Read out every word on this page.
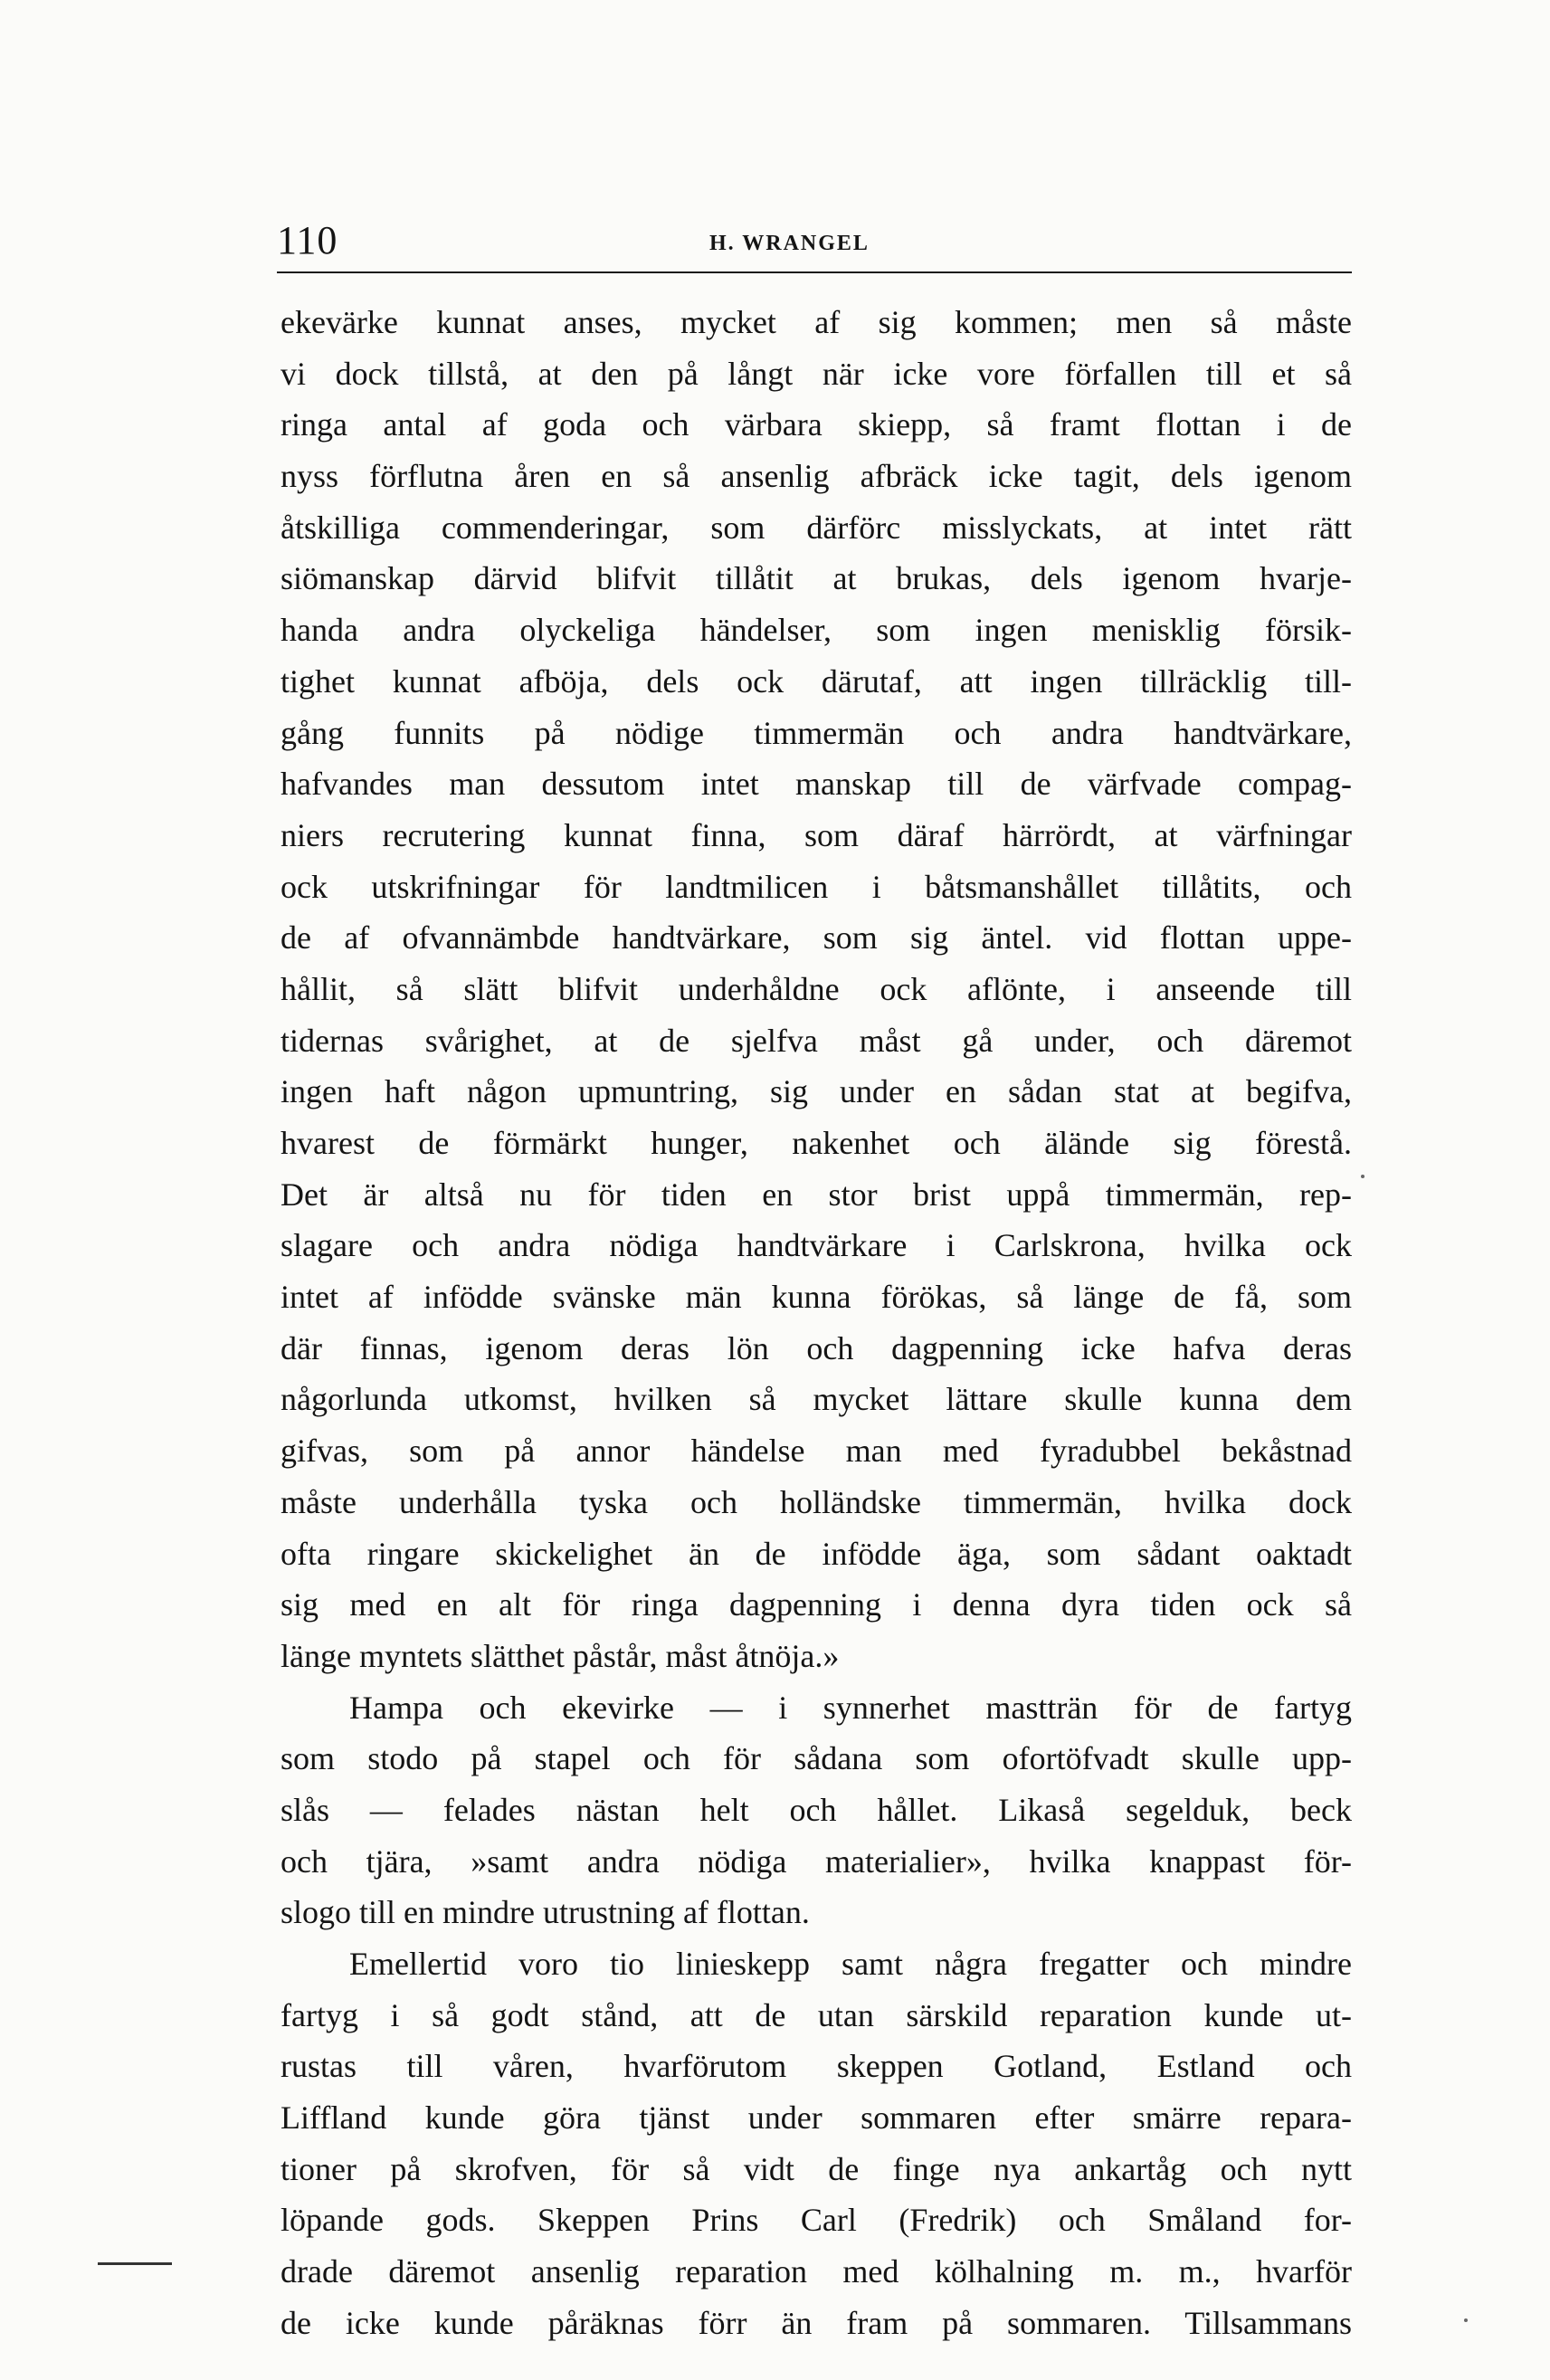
110	H. WRANGEL
ekevärke kunnat anses, mycket af sig kommen; men så måste
vi dock tillstå, at den på långt när icke vore förfallen till et så
ringa antal af goda och värbara skiepp, så framt flottan i de
nyss förflutna åren en så ansenlig afbräck icke tagit, dels igenom
åtskilliga commenderingar, som därförc misslyckats, at intet rätt
siömanskap därvid blifvit tillåtit at brukas, dels igenom hvarje-
handa andra olyckeliga händelser, som ingen menisklig försik-
tighet kunnat afböja, dels ock därutaf, att ingen tillräcklig till-
gång funnits på nödige timmermän och andra handtvärkare,
hafvandes man dessutom intet manskap till de värfvade compag-
niers recrutering kunnat finna, som däraf härrördt, at värfningar
ock utskrifningar för landtmilicen i båtsmanshållet tillåtits, och
de af ofvannämbde handtvärkare, som sig äntel. vid flottan uppe-
hållit, så slätt blifvit underhåldne ock aflönte, i anseende till
tidernas svårighet, at de sjelfva måst gå under, och däremot
ingen haft någon upmuntring, sig under en sådan stat at begifva,
hvarest de förmärkt hunger, nakenhet och älände sig förestå.
Det är altså nu för tiden en stor brist uppå timmermän, rep-
slagare och andra nödiga handtvärkare i Carlskrona, hvilka ock
intet af infödde svänske män kunna förökas, så länge de få, som
där finnas, igenom deras lön och dagpenning icke hafva deras
någorlunda utkomst, hvilken så mycket lättare skulle kunna dem
gifvas, som på annor händelse man med fyradubbel bekåstnad
måste underhålla tyska och holländske timmermän, hvilka dock
ofta ringare skickelighet än de infödde äga, som sådant oaktadt
sig med en alt för ringa dagpenning i denna dyra tiden ock så
länge myntets slätthet påstår, måst åtnöja.»
Hampa och ekevirke — i synnerhet mastträn för de fartyg
som stodo på stapel och för sådana som ofortöfvadt skulle upp-
slås — felades nästan helt och hållet. Likaså segelduk, beck
och tjära, »samt andra nödiga materialier», hvilka knappast för-
slogo till en mindre utrustning af flottan.
Emellertid voro tio linieskepp samt några fregatter och mindre
fartyg i så godt stånd, att de utan särskild reparation kunde ut-
rustas till våren, hvarförutom skeppen Gotland, Estland och
Liffland kunde göra tjänst under sommaren efter smärre repara-
tioner på skrofven, för så vidt de finge nya ankartåg och nytt
löpande gods. Skeppen Prins Carl (Fredrik) och Småland for-
drade däremot ansenlig reparation med kölhalning m. m., hvarför
de icke kunde påräknas förr än fram på sommaren. Tillsammans
